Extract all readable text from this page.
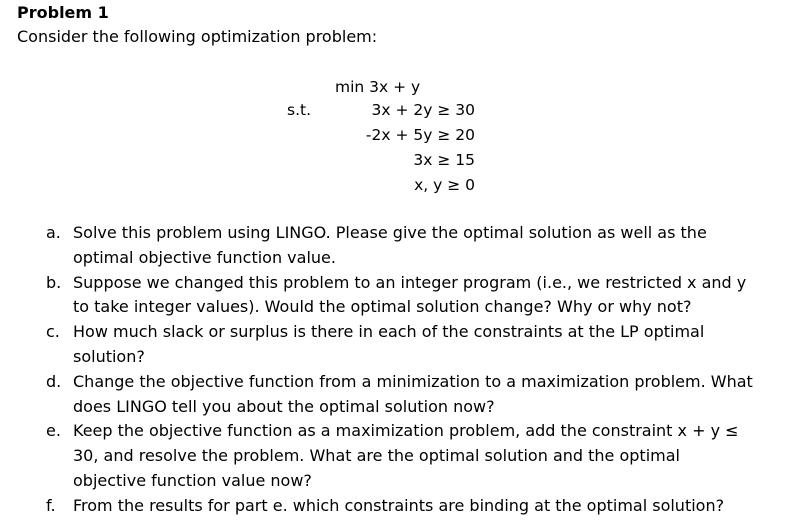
Problem 1
Consider the following optimization problem:
min 3x + y
s.t.	3x + 2y ≥ 30
-2x + 5y ≥ 20
3x ≥ 15
x, y ≥ 0
a. Solve this problem using LINGO. Please give the optimal solution as well as the optimal objective function value.
b. Suppose we changed this problem to an integer program (i.e., we restricted x and y to take integer values). Would the optimal solution change? Why or why not?
c. How much slack or surplus is there in each of the constraints at the LP optimal solution?
d. Change the objective function from a minimization to a maximization problem. What does LINGO tell you about the optimal solution now?
e. Keep the objective function as a maximization problem, add the constraint x + y ≤ 30, and resolve the problem. What are the optimal solution and the optimal objective function value now?
f.	From the results for part e. which constraints are binding at the optimal solution?
